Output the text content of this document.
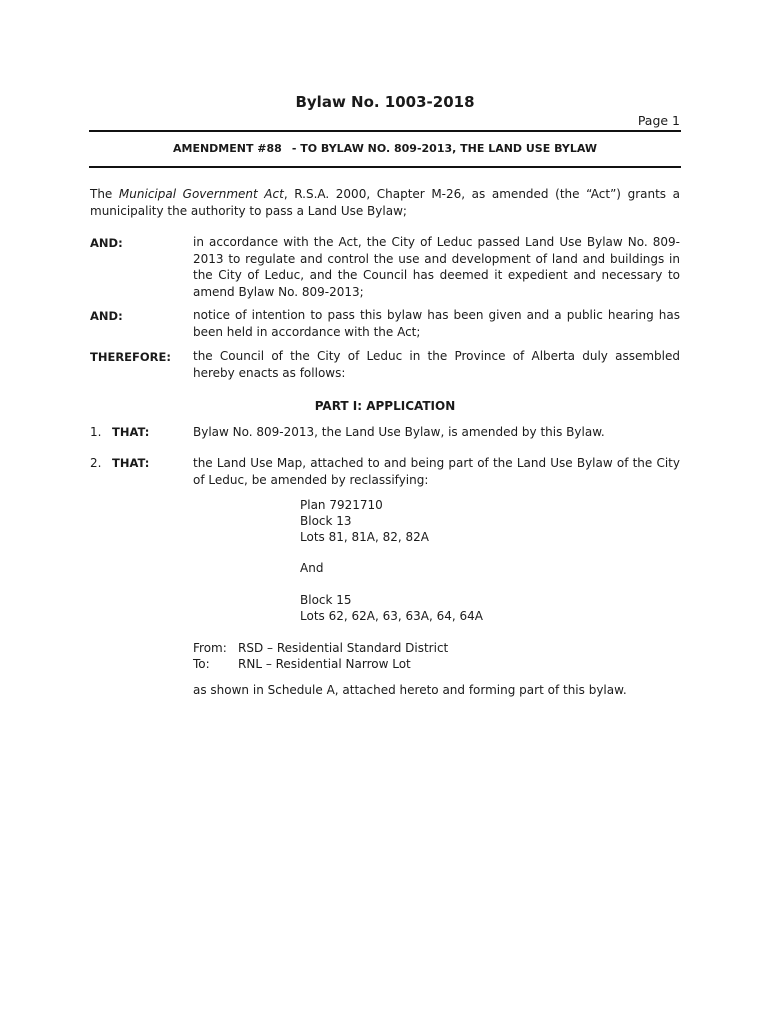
Bylaw No. 1003-2018
Page 1
AMENDMENT #88 - TO BYLAW NO. 809-2013, THE LAND USE BYLAW
The Municipal Government Act, R.S.A. 2000, Chapter M-26, as amended (the “Act”) grants a municipality the authority to pass a Land Use Bylaw;
AND:	in accordance with the Act, the City of Leduc passed Land Use Bylaw No. 809-2013 to regulate and control the use and development of land and buildings in the City of Leduc, and the Council has deemed it expedient and necessary to amend Bylaw No. 809-2013;
AND:	notice of intention to pass this bylaw has been given and a public hearing has been held in accordance with the Act;
THEREFORE: the Council of the City of Leduc in the Province of Alberta duly assembled hereby enacts as follows:
PART I: APPLICATION
1. THAT:	Bylaw No. 809-2013, the Land Use Bylaw, is amended by this Bylaw.
2. THAT:	the Land Use Map, attached to and being part of the Land Use Bylaw of the City of Leduc, be amended by reclassifying:
Plan 7921710
Block 13
Lots 81, 81A, 82, 82A
And
Block 15
Lots 62, 62A, 63, 63A, 64, 64A
From: RSD – Residential Standard District
To: RNL – Residential Narrow Lot
as shown in Schedule A, attached hereto and forming part of this bylaw.
